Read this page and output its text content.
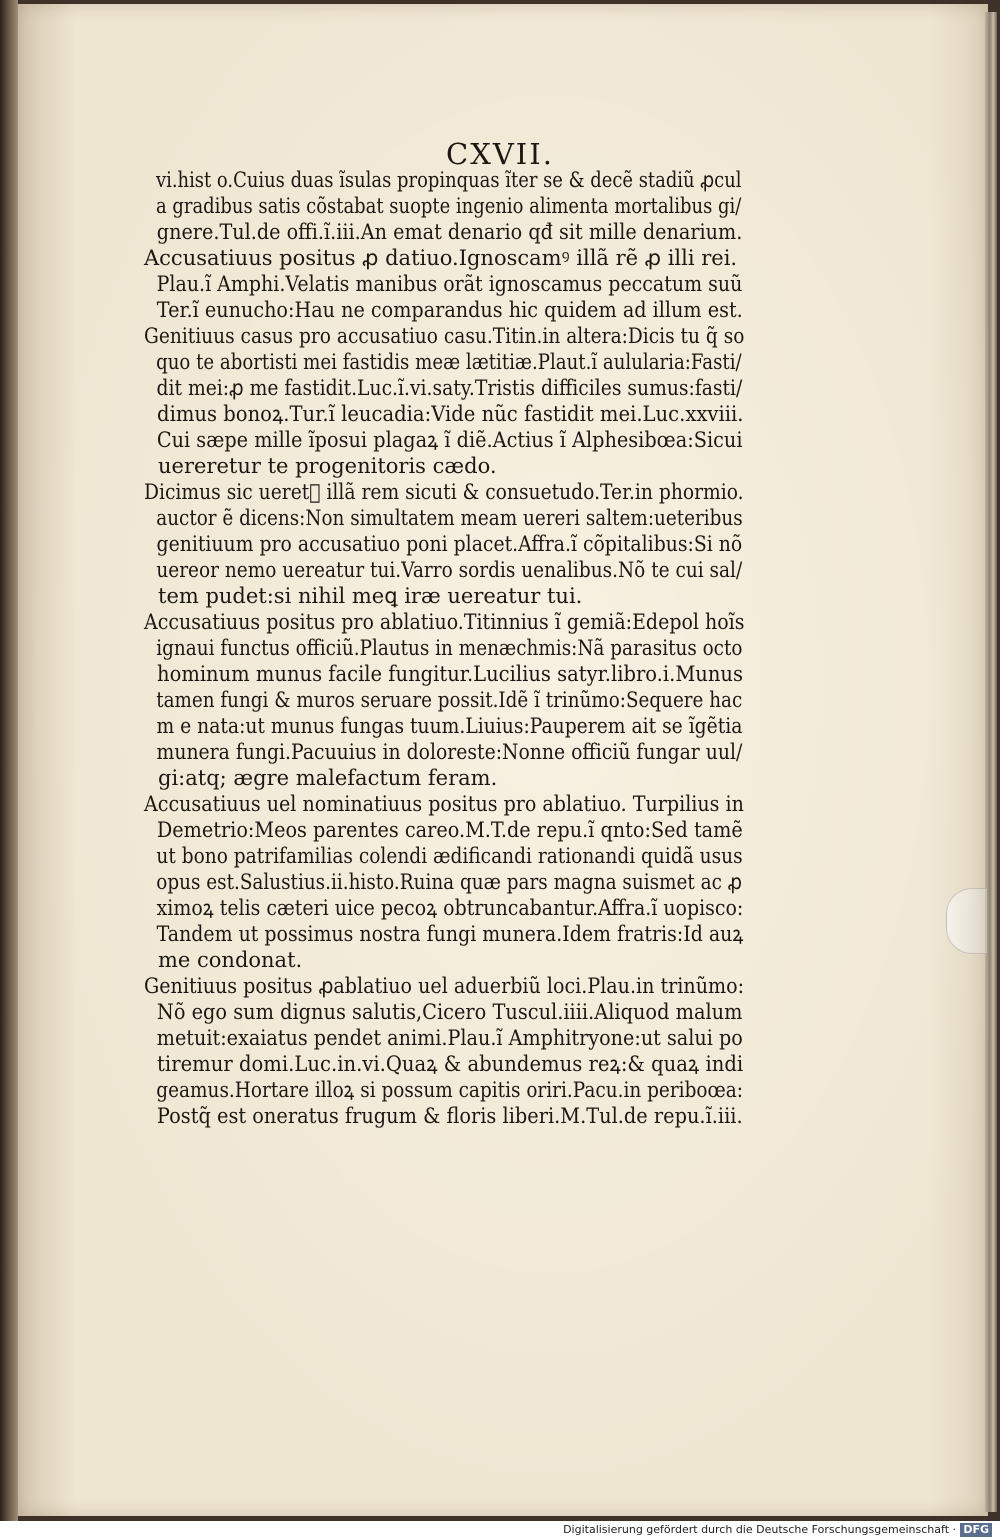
CXVII.
vi.hist o.Cuius duas ĩsulas propinquas ĩter se & decẽ stadiũ ꝓcul
a gradibus satis cõstabat suopte ingenio alimenta mortalibus gi/
gnere.Tul.de offi.ĩ.iii.An emat denario qđ sit mille denarium.
Accusatiuus positus ꝓ datiuo.Ignoscamꝰ illã rẽ ꝓ illi rei.
Plau.ĩ Amphi.Velatis manibus orãt ignoscamus peccatum suũ
Ter.ĩ eunucho:Hau ne comparandus hic quidem ad illum est.
Genitiuus casus pro accusatiuo casu.Titin.in altera:Dicis tu q̃ so
quo te abortisti mei fastidis meæ lætitiæ.Plaut.ĩ aulularia:Fasti/
dit mei:ꝓ me fastidit.Luc.ĩ.vi.saty.Tristis difficiles sumus:fasti/
dimus bonoꝝ.Tur.ĩ leucadia:Vide nũc fastidit mei.Luc.xxviii.
Cui sæpe mille ĩposui plagaꝝ ĩ diẽ.Actius ĩ Alphesibœa:Sicui
uereretur te progenitoris cædo.
Dicimus sic ueret᷑ illã rem sicuti & consuetudo.Ter.in phormio.
auctor ẽ dicens:Non simultatem meam uereri saltem:ueteribus
genitiuum pro accusatiuo poni placet.Affra.ĩ cõpitalibus:Si nõ
uereor nemo uereatur tui.Varro sordis uenalibus.Nõ te cui sal/
tem pudet:si nihil meꝗ iræ uereatur tui.
Accusatiuus positus pro ablatiuo.Titinnius ĩ gemiã:Edepol hoĩs
ignaui functus officiũ.Plautus in menæchmis:Nã parasitus octo
hominum munus facile fungitur.Lucilius satyr.libro.i.Munus
tamen fungi & muros seruare possit.Idẽ ĩ trinũmo:Sequere hac
m e nata:ut munus fungas tuum.Liuius:Pauperem ait se ĩgẽtia
munera fungi.Pacuuius in doloreste:Nonne officiũ fungar uul/
gi:atq; ægre malefactum feram.
Accusatiuus uel nominatiuus positus pro ablatiuo. Turpilius in
Demetrio:Meos parentes careo.M.T.de repu.ĩ qnto:Sed tamẽ
ut bono patrifamilias colendi ædificandi rationandi quidã usus
opus est.Salustius.ii.histo.Ruina quæ pars magna suismet ac ꝓ
ximoꝝ telis cæteri uice pecoꝝ obtruncabantur.Affra.ĩ uopisco:
Tandem ut possimus nostra fungi munera.Idem fratris:Id auꝝ
me condonat.
Genitiuus positus ꝓablatiuo uel aduerbiũ loci.Plau.in trinũmo:
Nõ ego sum dignus salutis,Cicero Tuscul.iiii.Aliquod malum
metuit:exaiatus pendet animi.Plau.ĩ Amphitryone:ut salui po
tiremur domi.Luc.in.vi.Quaꝝ & abundemus reꝝ:& quaꝝ indi
geamus.Hortare illoꝝ si possum capitis oriri.Pacu.in periboœa:
Postq̃ est oneratus frugum & floris liberi.M.Tul.de repu.ĩ.iii.
Digitalisierung gefördert durch die Deutsche Forschungsgemeinschaft · DFG
